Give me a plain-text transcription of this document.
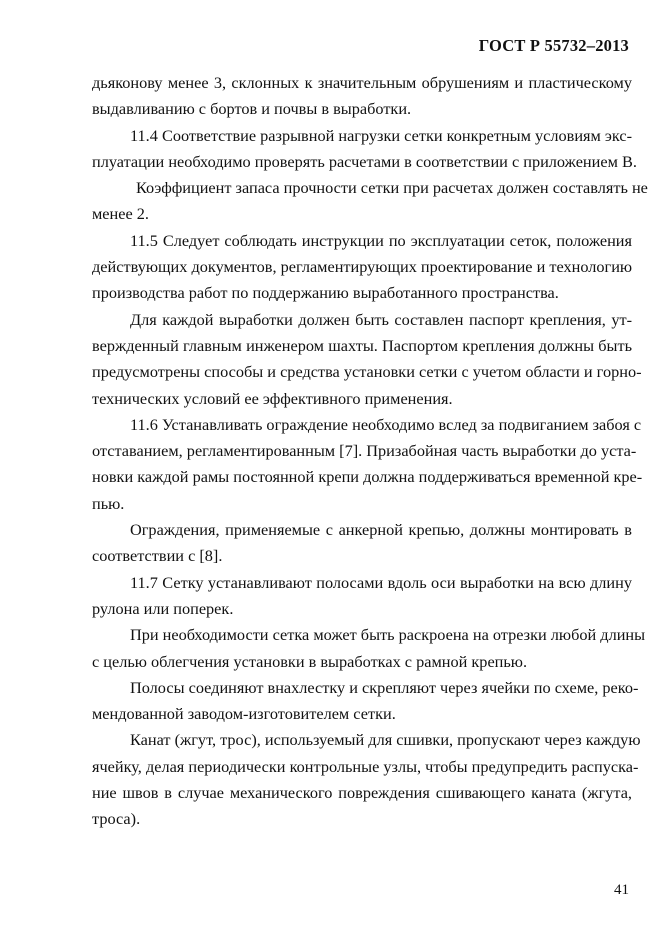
ГОСТ Р 55732–2013
дьяконову менее 3, склонных к значительным обрушениям и пластическому
выдавливанию с бортов и почвы в выработки.
11.4 Соответствие разрывной нагрузки сетки конкретным условиям экс-
плуатации необходимо проверять расчетами в соответствии с приложением В.
Коэффициент запаса прочности сетки при расчетах должен составлять не
менее 2.
11.5 Следует соблюдать инструкции по эксплуатации сеток, положения
действующих документов, регламентирующих проектирование и технологию
производства работ по поддержанию выработанного пространства.
Для каждой выработки должен быть составлен паспорт крепления, ут-
вержденный главным инженером шахты. Паспортом крепления должны быть
предусмотрены способы и средства установки сетки с учетом области и горно-
технических условий ее эффективного применения.
11.6 Устанавливать ограждение необходимо вслед за подвиганием забоя с
отставанием, регламентированным [7]. Призабойная часть выработки до уста-
новки каждой рамы постоянной крепи должна поддерживаться временной кре-
пью.
Ограждения, применяемые с анкерной крепью, должны монтировать в
соответствии с [8].
11.7 Сетку устанавливают полосами вдоль оси выработки на всю длину
рулона или поперек.
При необходимости сетка может быть раскроена на отрезки любой длины
с целью облегчения установки в выработках с рамной крепью.
Полосы соединяют внахлестку и скрепляют через ячейки по схеме, реко-
мендованной заводом-изготовителем сетки.
Канат (жгут, трос), используемый для сшивки, пропускают через каждую
ячейку, делая периодически контрольные узлы, чтобы предупредить распуска-
ние швов в случае механического повреждения сшивающего каната (жгута,
троса).
41
